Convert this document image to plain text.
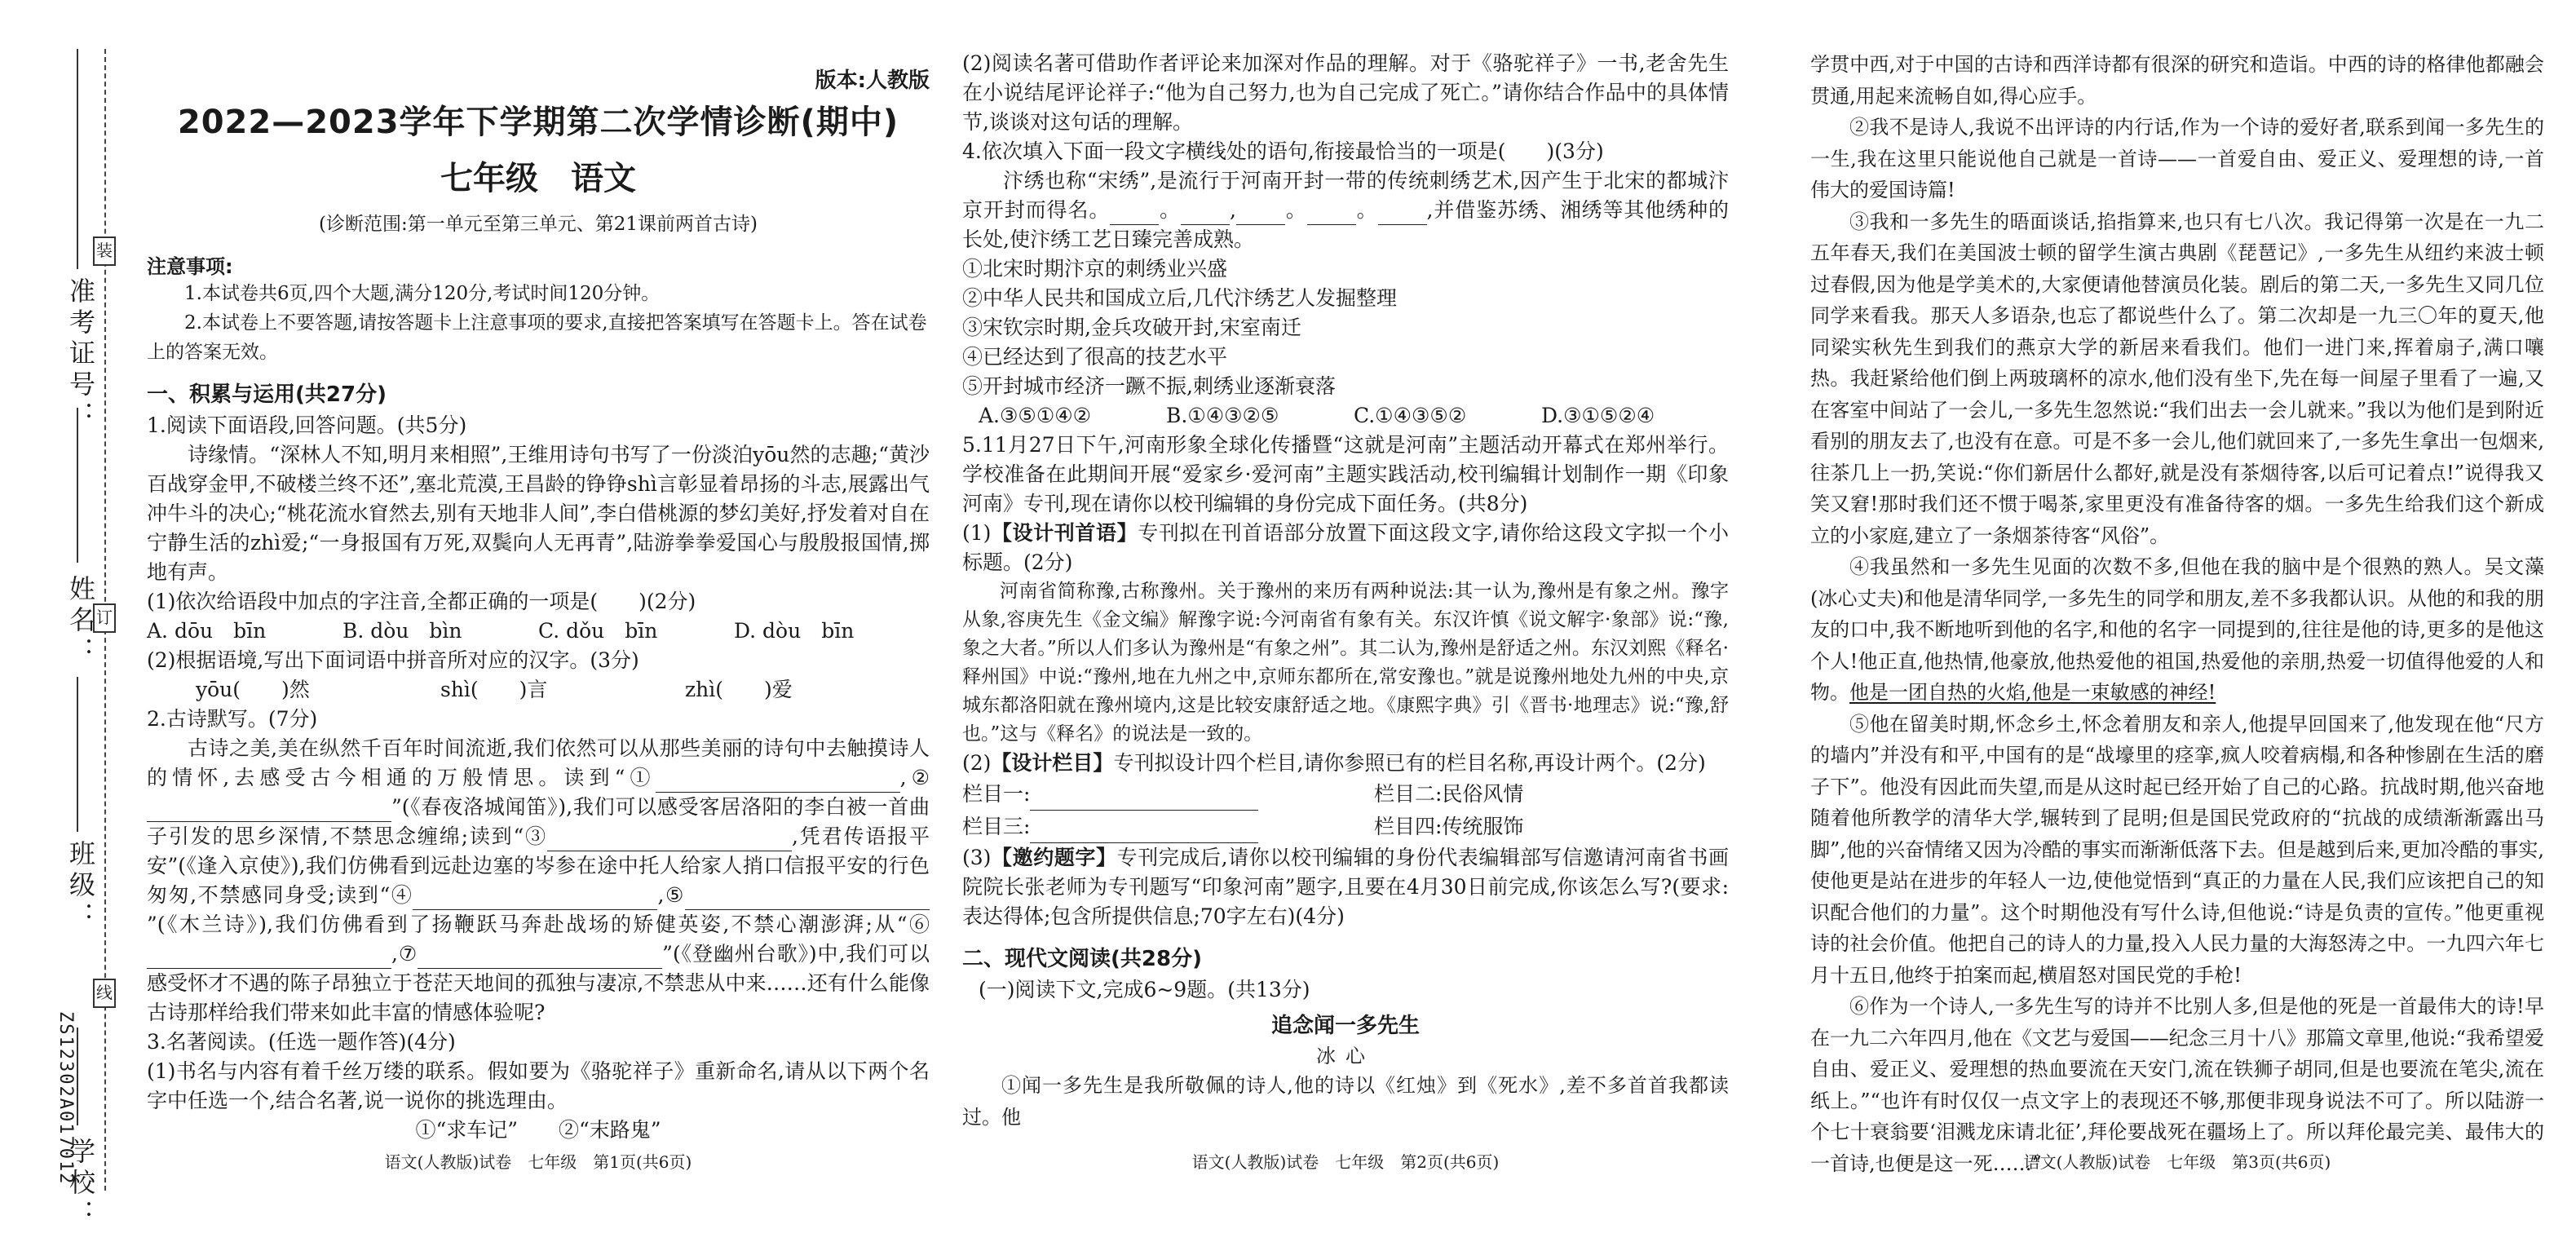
装
订
线
准考证号：
姓名：
班级：
学校：
ZS12302A017012
版本:人教版
2022—2023学年下学期第二次学情诊断(期中)
七年级　语文
(诊断范围:第一单元至第三单元、第21课前两首古诗)
注意事项:
1.本试卷共6页,四个大题,满分120分,考试时间120分钟。
2.本试卷上不要答题,请按答题卡上注意事项的要求,直接把答案填写在答题卡上。答在试卷上的答案无效。
一、积累与运用(共27分)
1.阅读下面语段,回答问题。(共5分)
诗缘情。“深林人不知,明月来相照”,王维用诗句书写了一份淡泊yōu然的志趣;“黄沙百战穿金甲,不破楼兰终不还”,塞北荒漠,王昌龄的铮铮shì言彰显着昂扬的斗志,展露出气冲牛斗的决心;“桃花流水窅然去,别有天地非人间”,李白借桃源的梦幻美好,抒发着对自在宁静生活的zhì爱;“一身报国有万死,双鬓向人无再青”,陆游拳拳爱国心与殷殷报国情,掷地有声。
(1)依次给语段中加点的字注音,全都正确的一项是(　　)(2分)
A. dōu　bīn	B. dòu　bìn	C. dǒu　bīn	D. dòu　bīn
(2)根据语境,写出下面词语中拼音所对应的汉字。(3分)
yōu(　　)然	shì(　　)言	zhì(　　)爱
2.古诗默写。(7分)
古诗之美,美在纵然千百年时间流逝,我们依然可以从那些美丽的诗句中去触摸诗人的情怀,去感受古今相通的万般情思。读到“①	,②”(《春夜洛城闻笛》),我们可以感受客居洛阳的李白被一首曲子引发的思乡深情,不禁思念缠绵;读到“③	,凭君传语报平安”(《逢入京使》),我们仿佛看到远赴边塞的岑参在途中托人给家人捎口信报平安的行色匆匆,不禁感同身受;读到“④	,⑤”(《木兰诗》),我们仿佛看到了扬鞭跃马奔赴战场的矫健英姿,不禁心潮澎湃;从“⑥,⑦	”(《登幽州台歌》)中,我们可以感受怀才不遇的陈子昂独立于苍茫天地间的孤独与凄凉,不禁悲从中来……还有什么能像古诗那样给我们带来如此丰富的情感体验呢?
3.名著阅读。(任选一题作答)(4分)
(1)书名与内容有着千丝万缕的联系。假如要为《骆驼祥子》重新命名,请从以下两个名字中任选一个,结合名著,说一说你的挑选理由。
①“求车记”　　②“末路鬼”
语文(人教版)试卷　七年级　第1页(共6页)
(2)阅读名著可借助作者评论来加深对作品的理解。对于《骆驼祥子》一书,老舍先生在小说结尾评论祥子:“他为自己努力,也为自己完成了死亡。”请你结合作品中的具体情节,谈谈对这句话的理解。
4.依次填入下面一段文字横线处的语句,衔接最恰当的一项是(　　)(3分)
汴绣也称“宋绣”,是流行于河南开封一带的传统刺绣艺术,因产生于北宋的都城汴京开封而得名。 。 , 。 。 ,并借鉴苏绣、湘绣等其他绣种的长处,使汴绣工艺日臻完善成熟。
①北宋时期汴京的刺绣业兴盛
②中华人民共和国成立后,几代汴绣艺人发掘整理
③宋钦宗时期,金兵攻破开封,宋室南迁
④已经达到了很高的技艺水平
⑤开封城市经济一蹶不振,刺绣业逐渐衰落
A.③⑤①④②	B.①④③②⑤	C.①④③⑤②	D.③①⑤②④
5.11月27日下午,河南形象全球化传播暨“这就是河南”主题活动开幕式在郑州举行。学校准备在此期间开展“爱家乡·爱河南”主题实践活动,校刊编辑计划制作一期《印象河南》专刊,现在请你以校刊编辑的身份完成下面任务。(共8分)
(1)【设计刊首语】专刊拟在刊首语部分放置下面这段文字,请你给这段文字拟一个小标题。(2分)
河南省简称豫,古称豫州。关于豫州的来历有两种说法:其一认为,豫州是有象之州。豫字从象,容庚先生《金文编》解豫字说:今河南省有象有关。东汉许慎《说文解字·象部》说:“豫,象之大者。”所以人们多认为豫州是“有象之州”。其二认为,豫州是舒适之州。东汉刘熙《释名·释州国》中说:“豫州,地在九州之中,京师东都所在,常安豫也。”就是说豫州地处九州的中央,京城东都洛阳就在豫州境内,这是比较安康舒适之地。《康熙字典》引《晋书·地理志》说:“豫,舒也。”这与《释名》的说法是一致的。
(2)【设计栏目】专刊拟设计四个栏目,请你参照已有的栏目名称,再设计两个。(2分)
栏目一:	栏目二:民俗风情
栏目三:	栏目四:传统服饰
(3)【邀约题字】专刊完成后,请你以校刊编辑的身份代表编辑部写信邀请河南省书画院院长张老师为专刊题写“印象河南”题字,且要在4月30日前完成,你该怎么写?(要求:表达得体;包含所提供信息;70字左右)(4分)
二、现代文阅读(共28分)
(一)阅读下文,完成6~9题。(共13分)
追念闻一多先生
冰心
①闻一多先生是我所敬佩的诗人,他的诗以《红烛》到《死水》,差不多首首我都读过。他
语文(人教版)试卷　七年级　第2页(共6页)
学贯中西,对于中国的古诗和西洋诗都有很深的研究和造诣。中西的诗的格律他都融会贯通,用起来流畅自如,得心应手。
②我不是诗人,我说不出评诗的内行话,作为一个诗的爱好者,联系到闻一多先生的一生,我在这里只能说他自己就是一首诗——一首爱自由、爱正义、爱理想的诗,一首伟大的爱国诗篇!
③我和一多先生的晤面谈话,掐指算来,也只有七八次。我记得第一次是在一九二五年春天,我们在美国波士顿的留学生演古典剧《琵琶记》,一多先生从纽约来波士顿过春假,因为他是学美术的,大家便请他替演员化装。剧后的第二天,一多先生又同几位同学来看我。那天人多语杂,也忘了都说些什么了。第二次却是一九三〇年的夏天,他同梁实秋先生到我们的燕京大学的新居来看我们。他们一进门来,挥着扇子,满口嚷热。我赶紧给他们倒上两玻璃杯的凉水,他们没有坐下,先在每一间屋子里看了一遍,又在客室中间站了一会儿,一多先生忽然说:“我们出去一会儿就来。”我以为他们是到附近看别的朋友去了,也没有在意。可是不多一会儿,他们就回来了,一多先生拿出一包烟来,往茶几上一扔,笑说:“你们新居什么都好,就是没有茶烟待客,以后可记着点!”说得我又笑又窘!那时我们还不惯于喝茶,家里更没有准备待客的烟。一多先生给我们这个新成立的小家庭,建立了一条烟茶待客“风俗”。
④我虽然和一多先生见面的次数不多,但他在我的脑中是个很熟的熟人。吴文藻(冰心丈夫)和他是清华同学,一多先生的同学和朋友,差不多我都认识。从他的和我的朋友的口中,我不断地听到他的名字,和他的名字一同提到的,往往是他的诗,更多的是他这个人!他正直,他热情,他豪放,他热爱他的祖国,热爱他的亲朋,热爱一切值得他爱的人和物。他是一团自热的火焰,他是一束敏感的神经!
⑤他在留美时期,怀念乡土,怀念着朋友和亲人,他提早回国来了,他发现在他“尺方的墙内”并没有和平,中国有的是“战壕里的痉挛,疯人咬着病榻,和各种惨剧在生活的磨子下”。他没有因此而失望,而是从这时起已经开始了自己的心路。抗战时期,他兴奋地随着他所教学的清华大学,辗转到了昆明;但是国民党政府的“抗战的成绩渐渐露出马脚”,他的兴奋情绪又因为冷酷的事实而渐渐低落下去。但是越到后来,更加冷酷的事实,使他更是站在进步的年轻人一边,使他觉悟到“真正的力量在人民,我们应该把自己的知识配合他们的力量”。这个时期他没有写什么诗,但他说:“诗是负责的宣传。”他更重视诗的社会价值。他把自己的诗人的力量,投入人民力量的大海怒涛之中。一九四六年七月十五日,他终于拍案而起,横眉怒对国民党的手枪!
⑥作为一个诗人,一多先生写的诗并不比别人多,但是他的死是一首最伟大的诗!早在一九二六年四月,他在《文艺与爱国——纪念三月十八》那篇文章里,他说:“我希望爱自由、爱正义、爱理想的热血要流在天安门,流在铁狮子胡同,但是也要流在笔尖,流在纸上。”“也许有时仅仅一点文字上的表现还不够,那便非现身说法不可了。所以陆游一个七十衰翁要‘泪溅龙床请北征’,拜伦要战死在疆场上了。所以拜伦最完美、最伟大的一首诗,也便是这一死……”
语文(人教版)试卷　七年级　第3页(共6页)
